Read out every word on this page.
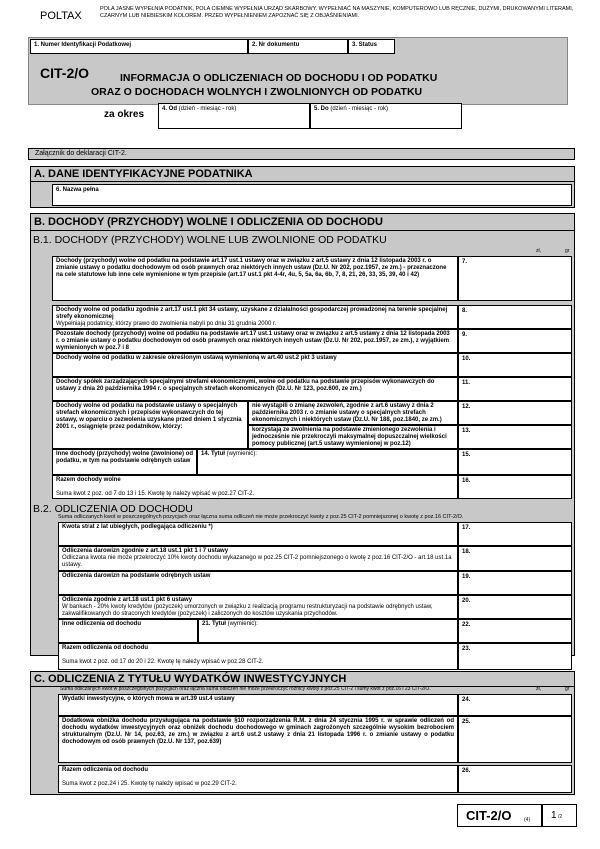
POLTAX
POLA JASNE WYPEŁNIA PODATNIK, POLA CIEMNE WYPEŁNIA URZĄD SKARBOWY. WYPEŁNIAĆ NA MASZYNIE, KOMPUTEROWO LUB RĘCZNIE, DUŻYMI, DRUKOWANYMI LITERAMI, CZARNYM LUB NIEBIESKIM KOLOREM. PRZED WYPEŁNIENIEM ZAPOZNAĆ SIĘ Z OBJAŚNIENIAMI.
1. Numer Identyfikacji Podatkowej	2. Nr dokumentu	3. Status
CIT-2/O	INFORMACJA O ODLICZENIACH OD DOCHODU I OD PODATKU
ORAZ O DOCHODACH WOLNYCH I ZWOLNIONYCH OD PODATKU
za okres	4. Od (dzień - miesiąc - rok)	5. Do (dzień - miesiąc - rok)
Załącznik do deklaracji CIT-2.
A. DANE IDENTYFIKACYJNE PODATNIKA
6. Nazwa pełna
B. DOCHODY (PRZYCHODY) WOLNE I ODLICZENIA OD DOCHODU
B.1. DOCHODY (PRZYCHODY) WOLNE LUB ZWOLNIONE OD PODATKU
zł,	gr
Dochody (przychody) wolne od podatku na podstawie art.17 ust.1 ustawy oraz w związku z art.5 ustawy z dnia 12 listopada 2003 r. o zmianie ustawy o podatku dochodowym od osób prawnych oraz niektórych innych ustaw (Dz.U. Nr 202, poz.1957, ze zm.) - przeznaczone na cele statutowe lub inne cele wymienione w tym przepisie (art.17 ust.1 pkt 4-4r, 4u, 5, 5a, 6a, 6b, 7, 8, 21, 26, 33, 35, 39, 40 i 42)
7.
Dochody wolne od podatku zgodnie z art.17 ust.1 pkt 34 ustawy, uzyskane z działalności gospodarczej prowadzonej na terenie specjalnej strefy ekonomicznej
Wypełniają podatnicy, którzy prawo do zwolnienia nabyli po dniu 31 grudnia 2000 r.
8.
Pozostałe dochody (przychody) wolne od podatku na podstawie art.17 ust.1 ustawy oraz w związku z art.5 ustawy z dnia 12 listopada 2003 r. o zmianie ustawy o podatku dochodowym od osób prawnych oraz niektórych innych ustaw (Dz.U. Nr 202, poz.1957, ze zm.), z wyjątkiem wymienionych w poz.7 i 8
9.
Dochody wolne od podatku w zakresie określonym ustawą wymienioną w art.40 ust.2 pkt 3 ustawy	10.
Dochody spółek zarządzających specjalnymi strefami ekonomicznymi, wolne od podatku na podstawie przepisów wykonawczych do ustawy z dnia 20 października 1994 r. o specjalnych strefach ekonomicznych (Dz.U. Nr 123, poz.600, ze zm.)
11.
Dochody wolne od podatku na podstawie ustawy o specjalnych strefach ekonomicznych i przepisów wykonawczych do tej ustawy, w oparciu o zezwolenia uzyskane przed dniem 1 stycznia 2001 r., osiągnięte przez podatników, którzy:
nie wystąpili o zmianę zezwoleń, zgodnie z art.6 ustawy z dnia 2 października 2003 r. o zmianie ustawy o specjalnych strefach ekonomicznych i niektórych ustaw (Dz.U. Nr 188, poz.1840, ze zm.)
12.
korzystają ze zwolnienia na podstawie zmienionego zezwolenia i jednocześnie nie przekroczyli maksymalnej dopuszczalnej wielkości pomocy publicznej (art.5 ustawy wymienionej w poz.12)
13.
Inne dochody (przychody) wolne (zwolnione) od podatku, w tym na podstawie odrębnych ustaw
14. Tytuł (wymienić):	15.
Razem dochody wolne

Suma kwot z poz. od 7 do 13 i 15. Kwotę tę należy wpisać w poz.27 CIT-2.
16.
B.2. ODLICZENIA OD DOCHODU
Suma odliczanych kwot w poszczególnych pozycjach oraz łączna suma odliczeń nie może przekroczyć kwoty z poz.25 CIT-2 pomniejszonej o kwotę z poz.16 CIT-2/O.
Kwota strat z lat ubiegłych, podlegająca odliczeniu *)	17.
Odliczenia darowizn zgodnie z art.18 ust.1 pkt 1 i 7 ustawy
Odliczana kwota nie może przekroczyć 10% kwoty dochodu wykazanego w poz.25 CIT-2 pomniejszonego o kwotę z poz.16 CIT-2/O - art.18 ust.1a ustawy.
18.
Odliczenia darowizn na podstawie odrębnych ustaw	19.
Odliczenia zgodnie z art.18 ust.1 pkt 6 ustawy
W bankach - 20% kwoty kredytów (pożyczek) umorzonych w związku z realizacją programu restrukturyzacji na podstawie odrębnych ustaw, zakwalifikowanych do straconych kredytów (pożyczek) i zaliczonych do kosztów uzyskania przychodów.
20.
Inne odliczenia od dochodu	21. Tytuł (wymienić):	22.
Razem odliczenia od dochodu

Suma kwot z poz. od 17 do 20 i 22. Kwotę tę należy wpisać w poz.28 CIT-2.
23.
C. ODLICZENIA Z TYTUŁU WYDATKÓW INWESTYCYJNYCH
Suma odliczanych kwot w poszczególnych pozycjach oraz łączna suma odliczeń nie może przekroczyć różnicy kwoty z poz.25 CIT-2 i sumy kwot z poz.16 i 23 CIT-2/O.	zł,	gr
Wydatki inwestycyjne, o których mowa w art.39 ust.4 ustawy	24.
Dodatkowa obniżka dochodu przysługująca na podstawie §10 rozporządzenia R.M. z dnia 24 stycznia 1995 r. w sprawie odliczeń od dochodu wydatków inwestycyjnych oraz obniżek dochodu dochodowego w gminach zagrożonych szczególnie wysokim bezrobociem strukturalnym (Dz.U. Nr 14, poz.63, ze zm.) w związku z art.6 ust.2 ustawy z dnia 21 listopada 1996 r. o zmianie ustawy o podatku dochodowym od osób prawnych (Dz.U. Nr 137, poz.639)
25.
Razem odliczenia od dochodu

Suma kwot z poz.24 i 25. Kwotę tę należy wpisać w poz.29 CIT-2.
26.
CIT-2/O (4) 1 /2
